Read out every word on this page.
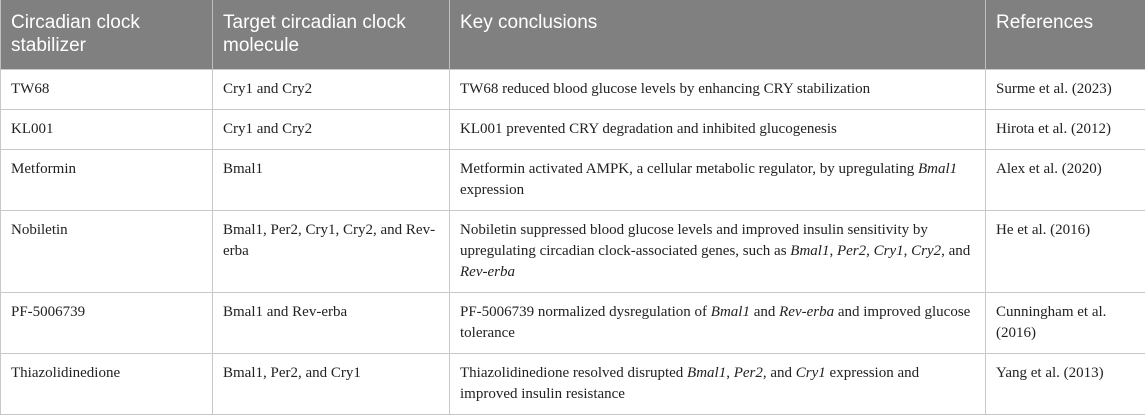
Circadian clock stabilizer	Target circadian clock molecule	Key conclusions	References
TW68	Cry1 and Cry2	TW68 reduced blood glucose levels by enhancing CRY stabilization	Surme et al. (2023)
KL001	Cry1 and Cry2	KL001 prevented CRY degradation and inhibited glucogenesis	Hirota et al. (2012)
Metformin	Bmal1	Metformin activated AMPK, a cellular metabolic regulator, by upregulating Bmal1 expression	Alex et al. (2020)
Nobiletin	Bmal1, Per2, Cry1, Cry2, and Rev-erba	Nobiletin suppressed blood glucose levels and improved insulin sensitivity by upregulating circadian clock-associated genes, such as Bmal1, Per2, Cry1, Cry2, and Rev-erba	He et al. (2016)
PF-5006739	Bmal1 and Rev-erba	PF-5006739 normalized dysregulation of Bmal1 and Rev-erba and improved glucose tolerance	Cunningham et al. (2016)
Thiazolidinedione	Bmal1, Per2, and Cry1	Thiazolidinedione resolved disrupted Bmal1, Per2, and Cry1 expression and improved insulin resistance	Yang et al. (2013)
